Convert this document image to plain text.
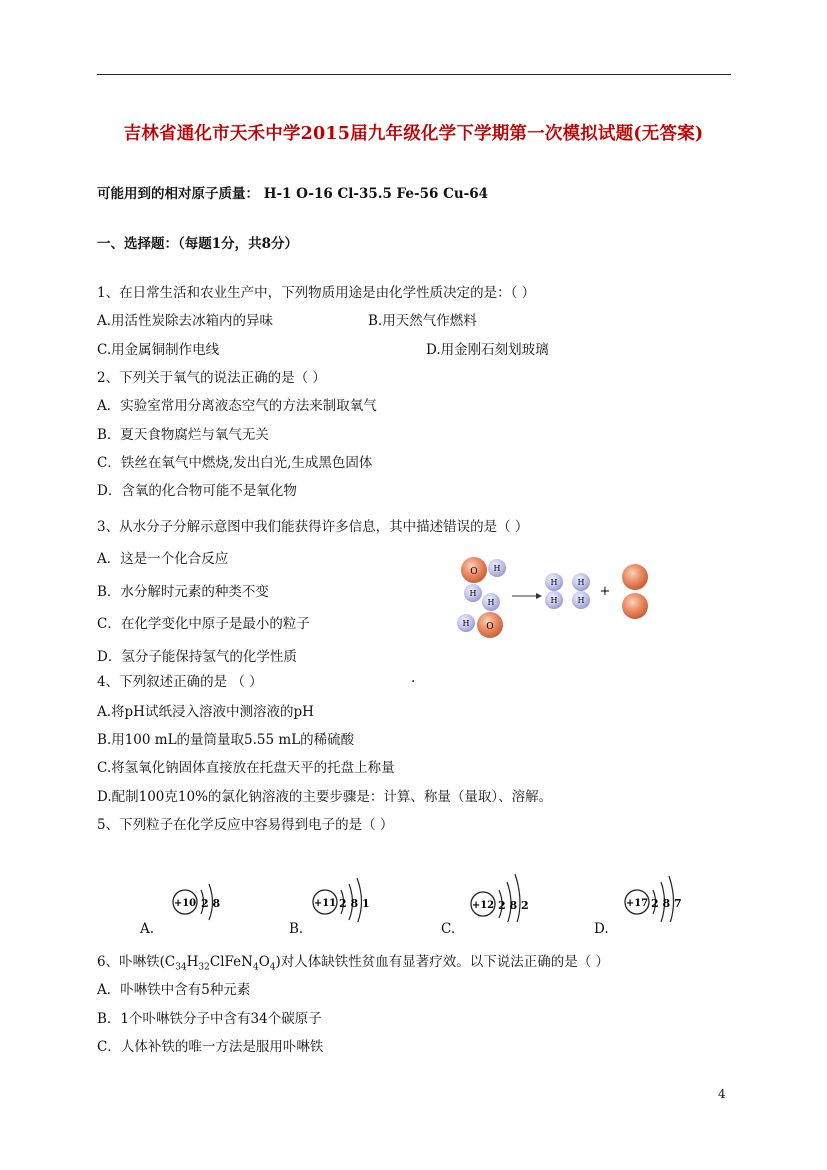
吉林省通化市天禾中学2015届九年级化学下学期第一次模拟试题(无答案)
可能用到的相对原子质量： H-1 O-16 Cl-35.5 Fe-56 Cu-64
一、选择题：（每题1分，共8分）
1、在日常生活和农业生产中，下列物质用途是由化学性质决定的是：（ ）
A.用活性炭除去冰箱内的异味	B.用天然气作燃料
C.用金属铜制作电线	D.用金刚石刻划玻璃
2、下列关于氧气的说法正确的是（ ）
A．实验室常用分离液态空气的方法来制取氧气
B．夏天食物腐烂与氧气无关
C．铁丝在氧气中燃烧,发出白光,生成黑色固体
D．含氧的化合物可能不是氧化物
3、从水分子分解示意图中我们能获得许多信息，其中描述错误的是（ ）
A．这是一个化合反应
B．水分解时元素的种类不变
C．在化学变化中原子是最小的粒子
D．氢分子能保持氢气的化学性质
O H
H
H
H O
H
H
H
H
+
4、下列叙述正确的是 （ ）	.
A.将pH试纸浸入溶液中测溶液的pH
B.用100 mL的量筒量取5.55 mL的稀硫酸
C.将氢氧化钠固体直接放在托盘天平的托盘上称量
D.配制100克10%的氯化钠溶液的主要步骤是：计算、称量（量取）、溶解。
5、下列粒子在化学反应中容易得到电子的是（ ）
A.	B.	C.	D.
+10 2 8	+11 2 8 1	+12 2 8 2	+17 2 8 7
6、卟啉铁$(C_{34}H_{32}ClFeN_4O_4)$对人体缺铁性贫血有显著疗效。以下说法正确的是（ ）
A．卟啉铁中含有5种元素
B．1个卟啉铁分子中含有34个碳原子
C．人体补铁的唯一方法是服用卟啉铁
4
